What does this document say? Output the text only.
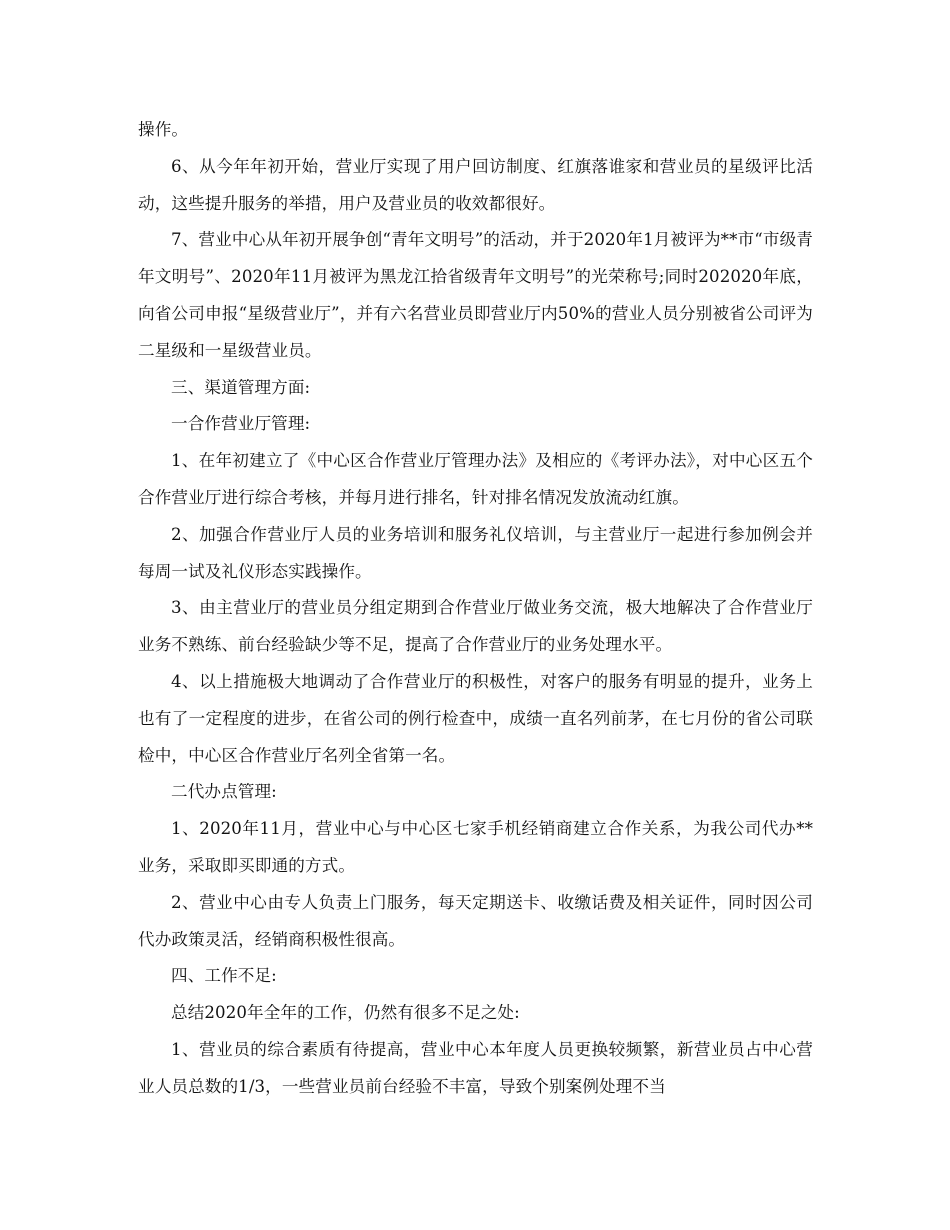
操作。

6、从今年年初开始，营业厅实现了用户回访制度、红旗落谁家和营业员的星级评比活动，这些提升服务的举措，用户及营业员的收效都很好。

7、营业中心从年初开展争创“青年文明号”的活动，并于2020年1月被评为**市“市级青年文明号”、2020年11月被评为黑龙江拾省级青年文明号”的光荣称号;同时202020年底，向省公司申报“星级营业厅”，并有六名营业员即营业厅内50%的营业人员分别被省公司评为二星级和一星级营业员。

三、渠道管理方面:

一合作营业厅管理:

1、在年初建立了《中心区合作营业厅管理办法》及相应的《考评办法》，对中心区五个合作营业厅进行综合考核，并每月进行排名，针对排名情况发放流动红旗。

2、加强合作营业厅人员的业务培训和服务礼仪培训，与主营业厅一起进行参加例会并每周一试及礼仪形态实践操作。

3、由主营业厅的营业员分组定期到合作营业厅做业务交流，极大地解决了合作营业厅业务不熟练、前台经验缺少等不足，提高了合作营业厅的业务处理水平。

4、以上措施极大地调动了合作营业厅的积极性，对客户的服务有明显的提升，业务上也有了一定程度的进步，在省公司的例行检查中，成绩一直名列前茅，在七月份的省公司联检中，中心区合作营业厅名列全省第一名。

二代办点管理:

1、2020年11月，营业中心与中心区七家手机经销商建立合作关系，为我公司代办**业务，采取即买即通的方式。

2、营业中心由专人负责上门服务，每天定期送卡、收缴话费及相关证件，同时因公司代办政策灵活，经销商积极性很高。

四、工作不足:

总结2020年全年的工作，仍然有很多不足之处:

1、营业员的综合素质有待提高，营业中心本年度人员更换较频繁，新营业员占中心营业人员总数的1/3，一些营业员前台经验不丰富，导致个别案例处理不当
